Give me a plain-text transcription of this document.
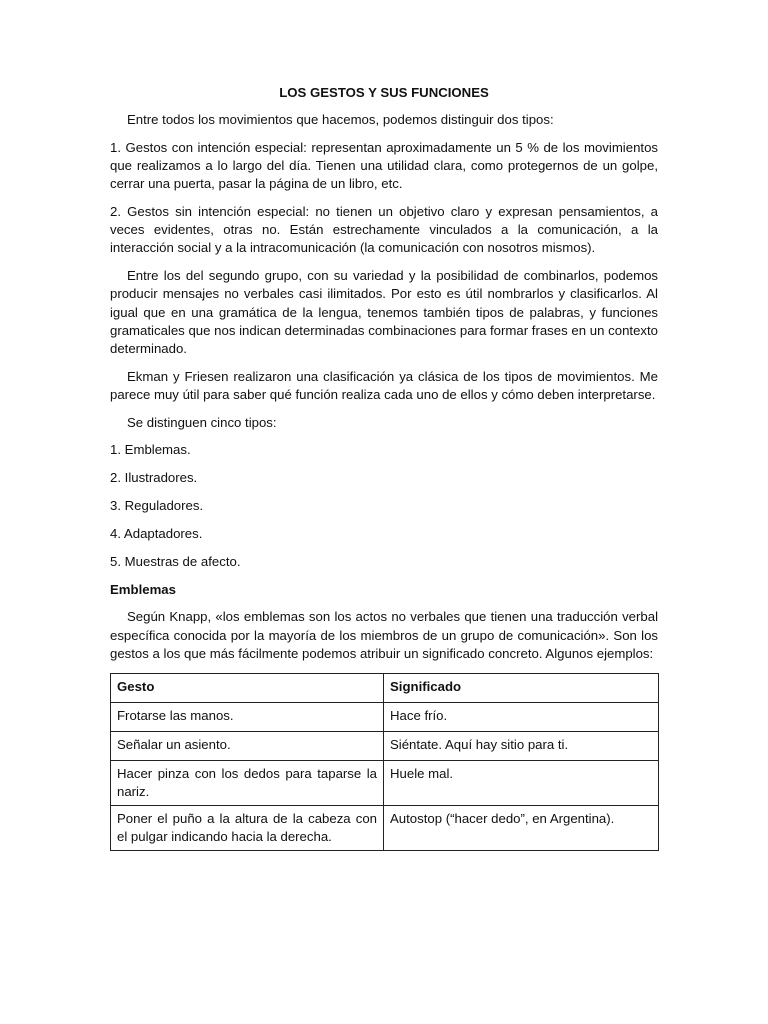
LOS GESTOS Y SUS FUNCIONES

Entre todos los movimientos que hacemos, podemos distinguir dos tipos:

1. Gestos con intención especial: representan aproximadamente un 5 % de los movimientos que realizamos a lo largo del día. Tienen una utilidad clara, como protegernos de un golpe, cerrar una puerta, pasar la página de un libro, etc.

2. Gestos sin intención especial: no tienen un objetivo claro y expresan pensamientos, a veces evidentes, otras no. Están estrechamente vinculados a la comunicación, a la interacción social y a la intracomunicación (la comunicación con nosotros mismos).

Entre los del segundo grupo, con su variedad y la posibilidad de combinarlos, podemos producir mensajes no verbales casi ilimitados. Por esto es útil nombrarlos y clasificarlos. Al igual que en una gramática de la lengua, tenemos también tipos de palabras, y funciones gramaticales que nos indican determinadas combinaciones para formar frases en un contexto determinado.

Ekman y Friesen realizaron una clasificación ya clásica de los tipos de movimientos. Me parece muy útil para saber qué función realiza cada uno de ellos y cómo deben interpretarse.

Se distinguen cinco tipos:

1. Emblemas.
2. Ilustradores.
3. Reguladores.
4. Adaptadores.
5. Muestras de afecto.
Emblemas

Según Knapp, «los emblemas son los actos no verbales que tienen una traducción verbal específica conocida por la mayoría de los miembros de un grupo de comunicación». Son los gestos a los que más fácilmente podemos atribuir un significado concreto. Algunos ejemplos:

Gesto	Significado
Frotarse las manos.	Hace frío.
Señalar un asiento.	Siéntate. Aquí hay sitio para ti.
Hacer pinza con los dedos para taparse la nariz.	Huele mal.
Poner el puño a la altura de la cabeza con el pulgar indicando hacia la derecha.	Autostop (“hacer dedo”, en Argentina).
